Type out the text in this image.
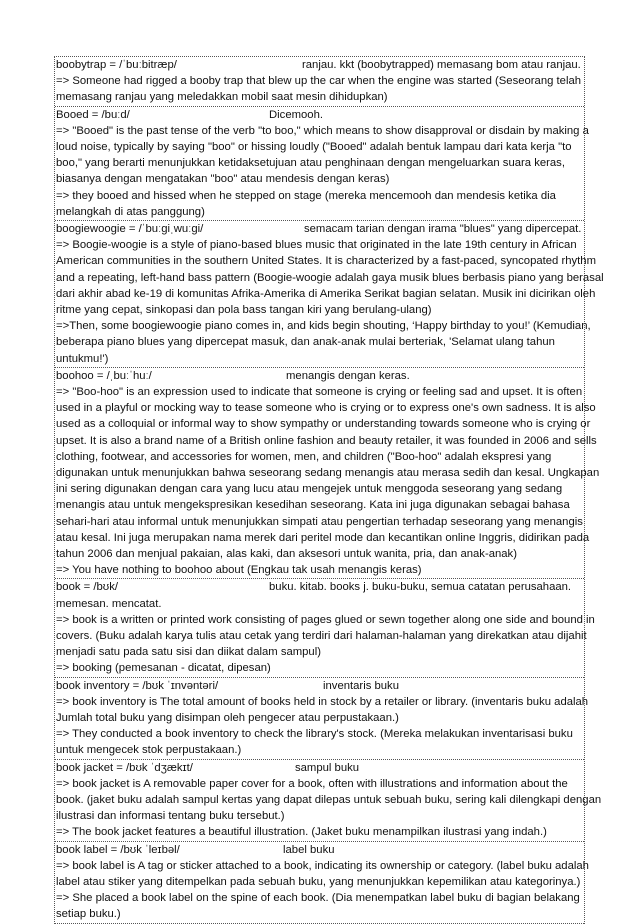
boobytrap = /ˈbuːbitræp/	ranjau. kkt (boobytrapped) memasang bom atau ranjau.
=> Someone had rigged a booby trap that blew up the car when the engine was started (Seseorang telah
memasang ranjau yang meledakkan mobil saat mesin dihidupkan)
Booed = /buːd/	Dicemooh.
=> "Booed" is the past tense of the verb "to boo," which means to show disapproval or disdain by making a
loud noise, typically by saying "boo" or hissing loudly ("Booed" adalah bentuk lampau dari kata kerja "to
boo," yang berarti menunjukkan ketidaksetujuan atau penghinaan dengan mengeluarkan suara keras,
biasanya dengan mengatakan "boo" atau mendesis dengan keras)
=> they booed and hissed when he stepped on stage (mereka mencemooh dan mendesis ketika dia
melangkah di atas panggung)
boogiewoogie = /ˈbuːɡiˌwuːɡi/	semacam tarian dengan irama "blues" yang dipercepat.
=> Boogie-woogie is a style of piano-based blues music that originated in the late 19th century in African
American communities in the southern United States. It is characterized by a fast-paced, syncopated rhythm
and a repeating, left-hand bass pattern (Boogie-woogie adalah gaya musik blues berbasis piano yang berasal
dari akhir abad ke-19 di komunitas Afrika-Amerika di Amerika Serikat bagian selatan. Musik ini dicirikan oleh
ritme yang cepat, sinkopasi dan pola bass tangan kiri yang berulang-ulang)
=>Then, some boogiewoogie piano comes in, and kids begin shouting, ‘Happy birthday to you!’ (Kemudian,
beberapa piano blues yang dipercepat masuk, dan anak-anak mulai berteriak, 'Selamat ulang tahun
untukmu!')
boohoo = /ˌbuːˈhuː/	menangis dengan keras.
=> "Boo-hoo" is an expression used to indicate that someone is crying or feeling sad and upset. It is often
used in a playful or mocking way to tease someone who is crying or to express one's own sadness. It is also
used as a colloquial or informal way to show sympathy or understanding towards someone who is crying or
upset. It is also a brand name of a British online fashion and beauty retailer, it was founded in 2006 and sells
clothing, footwear, and accessories for women, men, and children ("Boo-hoo" adalah ekspresi yang
digunakan untuk menunjukkan bahwa seseorang sedang menangis atau merasa sedih dan kesal. Ungkapan
ini sering digunakan dengan cara yang lucu atau mengejek untuk menggoda seseorang yang sedang
menangis atau untuk mengekspresikan kesedihan seseorang. Kata ini juga digunakan sebagai bahasa
sehari-hari atau informal untuk menunjukkan simpati atau pengertian terhadap seseorang yang menangis
atau kesal. Ini juga merupakan nama merek dari peritel mode dan kecantikan online Inggris, didirikan pada
tahun 2006 dan menjual pakaian, alas kaki, dan aksesori untuk wanita, pria, dan anak-anak)
=> You have nothing to boohoo about (Engkau tak usah menangis keras)
book = /bʊk/	buku. kitab. books j. buku-buku, semua catatan perusahaan.
memesan. mencatat.
=> book is a written or printed work consisting of pages glued or sewn together along one side and bound in
covers. (Buku adalah karya tulis atau cetak yang terdiri dari halaman-halaman yang direkatkan atau dijahit
menjadi satu pada satu sisi dan diikat dalam sampul)
=> booking (pemesanan - dicatat, dipesan)
book inventory = /bʊk ˈɪnvəntəri/	inventaris buku
=> book inventory is The total amount of books held in stock by a retailer or library. (inventaris buku adalah
Jumlah total buku yang disimpan oleh pengecer atau perpustakaan.)
=> They conducted a book inventory to check the library's stock. (Mereka melakukan inventarisasi buku
untuk mengecek stok perpustakaan.)
book jacket = /bʊk ˈdʒækɪt/	sampul buku
=> book jacket is A removable paper cover for a book, often with illustrations and information about the
book. (jaket buku adalah sampul kertas yang dapat dilepas untuk sebuah buku, sering kali dilengkapi dengan
ilustrasi dan informasi tentang buku tersebut.)
=> The book jacket features a beautiful illustration. (Jaket buku menampilkan ilustrasi yang indah.)
book label = /bʊk ˈleɪbəl/	label buku
=> book label is A tag or sticker attached to a book, indicating its ownership or category. (label buku adalah
label atau stiker yang ditempelkan pada sebuah buku, yang menunjukkan kepemilikan atau kategorinya.)
=> She placed a book label on the spine of each book. (Dia menempatkan label buku di bagian belakang
setiap buku.)
